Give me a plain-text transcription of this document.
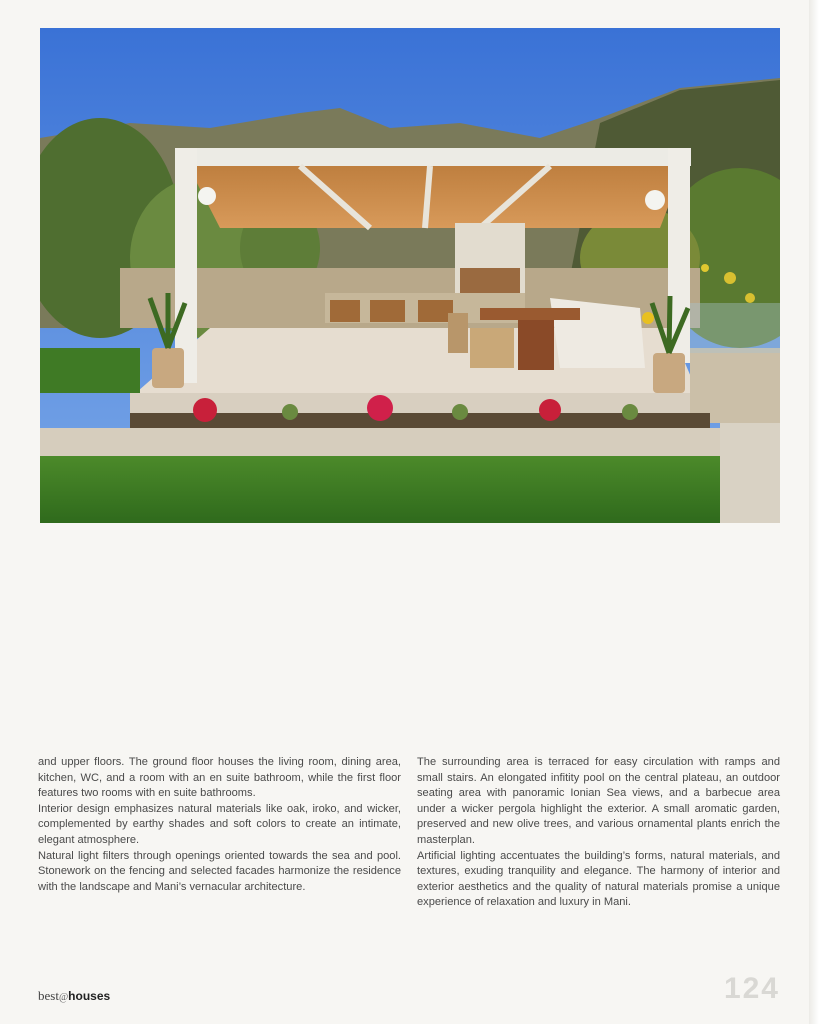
and upper floors. The ground floor houses the living room, dining area, kitchen, WC, and a room with an en suite bathroom, while the first floor features two rooms with en suite bathrooms.

Interior design emphasizes natural materials like oak, iroko, and wicker, complemented by earthy shades and soft colors to create an intimate, elegant atmosphere.

Natural light filters through openings oriented towards the sea and pool. Stonework on the fencing and selected facades harmonize the residence with the landscape and Mani’s vernacular architecture.

The surrounding area is terraced for easy circulation with ramps and small stairs. An elongated infitity pool on the central plateau, an outdoor seating area with panoramic Ionian Sea views, and a barbecue area under a wicker pergola highlight the exterior. A small aromatic garden, preserved and new olive trees, and various ornamental plants enrich the masterplan.

Artificial lighting accentuates the building’s forms, natural materials, and textures, exuding tranquility and elegance. The harmony of interior and exterior aesthetics and the quality of natural materials promise a unique experience of relaxation and luxury in Mani.

best@houses	124
